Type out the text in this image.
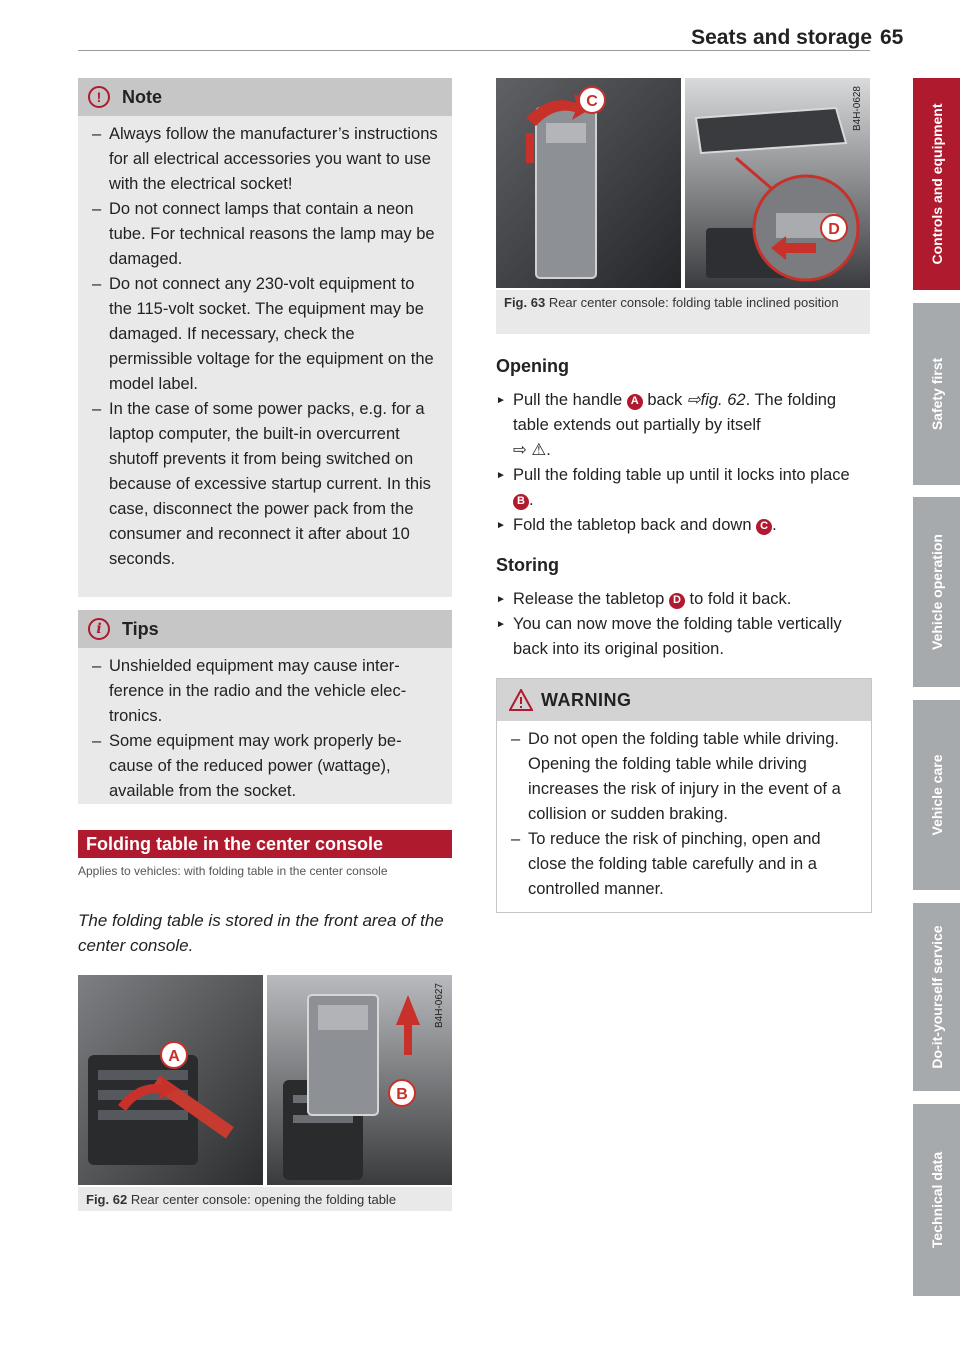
Seats and storage 65
!	Note
– Always follow the manufacturer’s instructions for all electrical accessories you want to use with the electrical socket!
– Do not connect lamps that contain a neon tube. For technical reasons the lamp may be damaged.
– Do not connect any 230-volt equipment to the 115-volt socket. The equipment may be damaged. If necessary, check the permissible voltage for the equipment on the model label.
– In the case of some power packs, e.g. for a laptop computer, the built-in overcurrent shutoff prevents it from being switched on because of excessive startup current. In this case, disconnect the power pack from the consumer and reconnect it after about 10 seconds.
i	Tips
– Unshielded equipment may cause interference in the radio and the vehicle electronics.
– Some equipment may work properly because of the reduced power (wattage), available from the socket.
Folding table in the center console
Applies to vehicles: with folding table in the center console
The folding table is stored in the front area of the center console.
A
B
B4H-0627
Fig. 62 Rear center console: opening the folding table
C
D
B4H-0628
Fig. 63 Rear center console: folding table inclined position
Opening
► Pull the handle A back ⇨fig. 62. The folding table extends out partially by itself
⇨ ⚠.
► Pull the folding table up until it locks into place B .
► Fold the tabletop back and down C .
Storing
► Release the tabletop D to fold it back.
► You can now move the folding table vertically back into its original position.
WARNING
– Do not open the folding table while driving. Opening the folding table while driving increases the risk of injury in the event of a collision or sudden braking.
– To reduce the risk of pinching, open and close the folding table carefully and in a controlled manner.
Controls and equipment
Safety first
Vehicle operation
Vehicle care
Do-it-yourself service
Technical data
